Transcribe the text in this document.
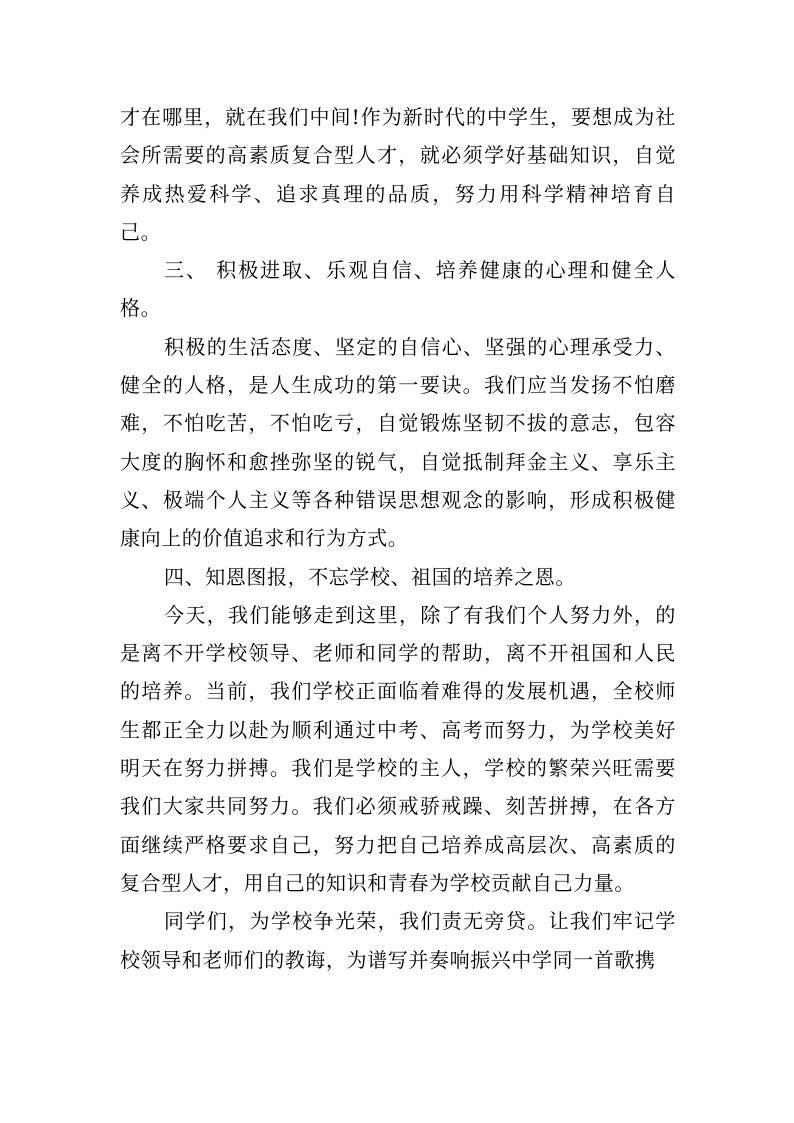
才在哪里，就在我们中间!作为新时代的中学生，要想成为社会所需要的高素质复合型人才，就必须学好基础知识，自觉养成热爱科学、追求真理的品质，努力用科学精神培育自己。

三、 积极进取、乐观自信、培养健康的心理和健全人格。

积极的生活态度、坚定的自信心、坚强的心理承受力、健全的人格，是人生成功的第一要诀。我们应当发扬不怕磨难，不怕吃苦，不怕吃亏，自觉锻炼坚韧不拔的意志，包容大度的胸怀和愈挫弥坚的锐气，自觉抵制拜金主义、享乐主义、极端个人主义等各种错误思想观念的影响，形成积极健康向上的价值追求和行为方式。

四、知恩图报，不忘学校、祖国的培养之恩。

今天，我们能够走到这里，除了有我们个人努力外，的是离不开学校领导、老师和同学的帮助，离不开祖国和人民的培养。当前，我们学校正面临着难得的发展机遇，全校师生都正全力以赴为顺利通过中考、高考而努力，为学校美好明天在努力拼搏。我们是学校的主人，学校的繁荣兴旺需要我们大家共同努力。我们必须戒骄戒躁、刻苦拼搏，在各方面继续严格要求自己，努力把自己培养成高层次、高素质的复合型人才，用自己的知识和青春为学校贡献自己力量。

同学们，为学校争光荣，我们责无旁贷。让我们牢记学校领导和老师们的教诲，为谱写并奏响振兴中学同一首歌携
